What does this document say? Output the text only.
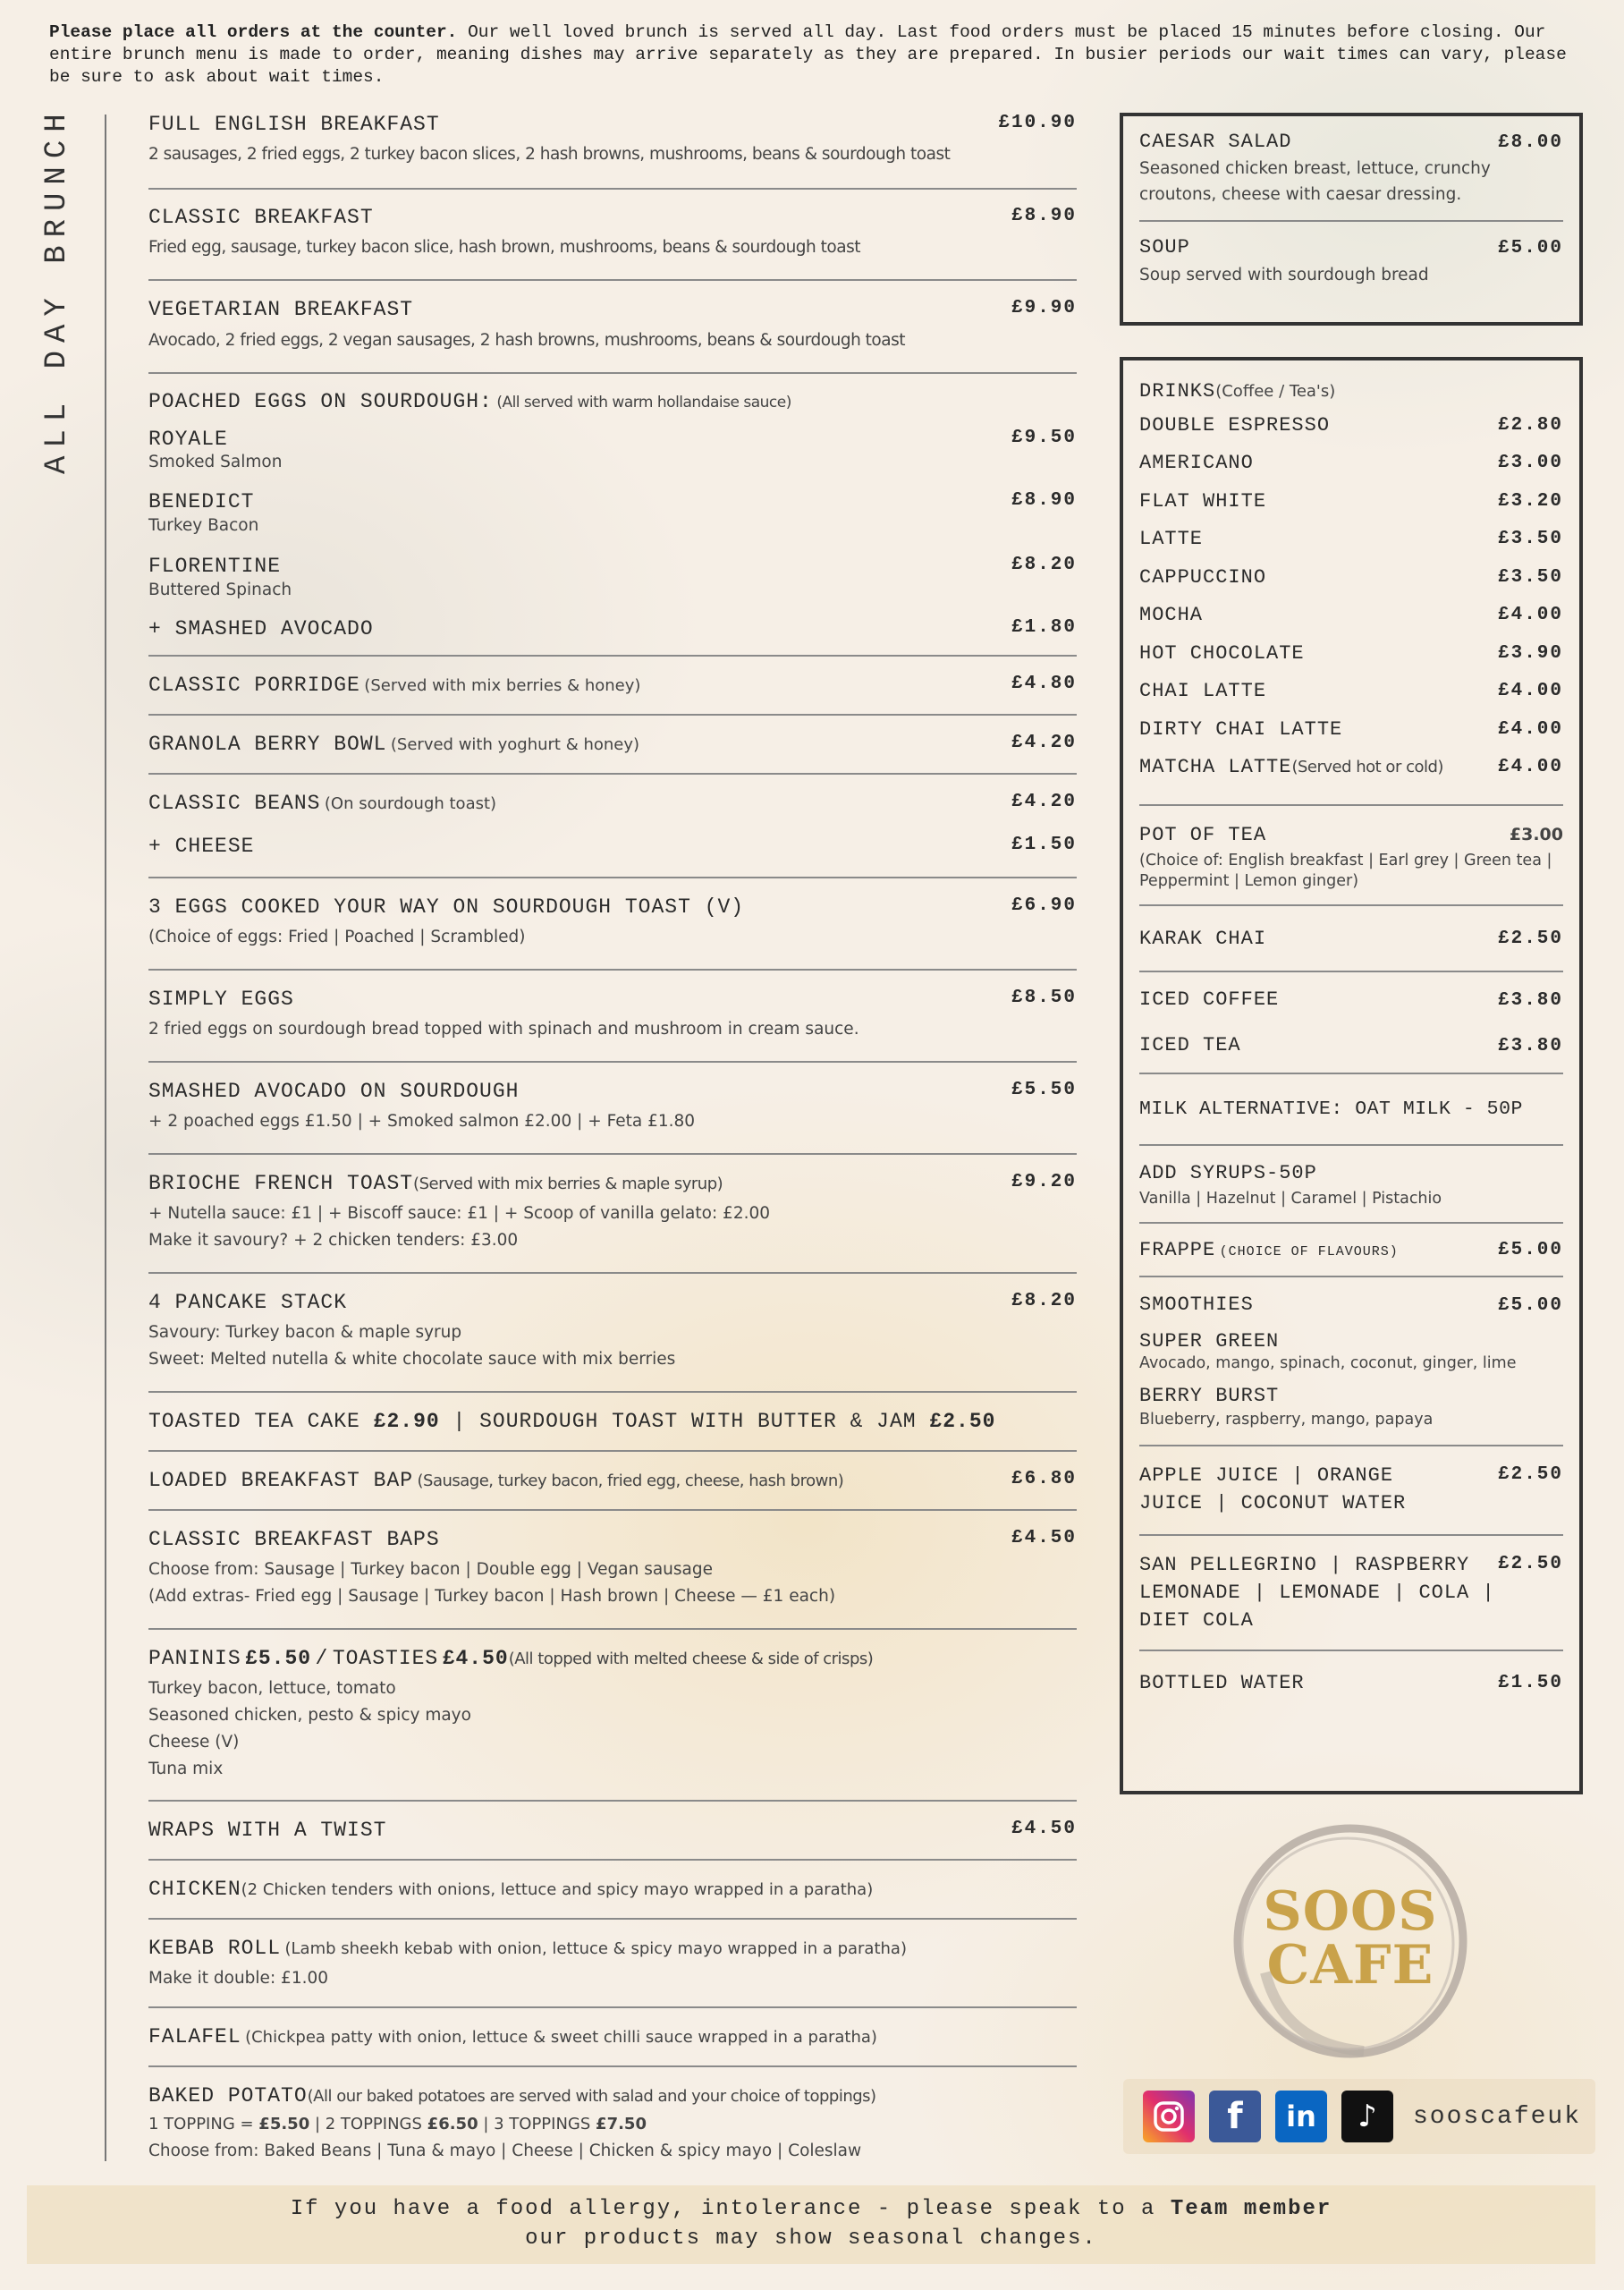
Please place all orders at the counter. Our well loved brunch is served all day. Last food orders must be placed 15 minutes before closing. Our entire brunch menu is made to order, meaning dishes may arrive separately as they are prepared. In busier periods our wait times can vary, please be sure to ask about wait times.
ALL DAY BRUNCH	FULL ENGLISH BREAKFAST	£10.90
2 sausages, 2 fried eggs, 2 turkey bacon slices, 2 hash browns, mushrooms, beans & sourdough toast
CLASSIC BREAKFAST	£8.90
Fried egg, sausage, turkey bacon slice, hash brown, mushrooms, beans & sourdough toast
VEGETARIAN BREAKFAST	£9.90
Avocado, 2 fried eggs, 2 vegan sausages, 2 hash browns, mushrooms, beans & sourdough toast
POACHED EGGS ON SOURDOUGH: (All served with warm hollandaise sauce)
ROYALE	£9.50
Smoked Salmon
BENEDICT	£8.90
Turkey Bacon
FLORENTINE	£8.20
Buttered Spinach
+ SMASHED AVOCADO	£1.80
CLASSIC PORRIDGE (Served with mix berries & honey)	£4.80
GRANOLA BERRY BOWL (Served with yoghurt & honey)	£4.20
CLASSIC BEANS (On sourdough toast)	£4.20
+ CHEESE	£1.50
3 EGGS COOKED YOUR WAY ON SOURDOUGH TOAST (V)	£6.90
(Choice of eggs: Fried | Poached | Scrambled)
SIMPLY EGGS	£8.50
2 fried eggs on sourdough bread topped with spinach and mushroom in cream sauce.
SMASHED AVOCADO ON SOURDOUGH	£5.50
+ 2 poached eggs £1.50 | + Smoked salmon £2.00 | + Feta £1.80
BRIOCHE FRENCH TOAST(Served with mix berries & maple syrup)	£9.20
+ Nutella sauce: £1 | + Biscoff sauce: £1 | + Scoop of vanilla gelato: £2.00
Make it savoury? + 2 chicken tenders: £3.00
4 PANCAKE STACK	£8.20
Savoury: Turkey bacon & maple syrup
Sweet: Melted nutella & white chocolate sauce with mix berries
TOASTED TEA CAKE £2.90 | SOURDOUGH TOAST WITH BUTTER & JAM £2.50
LOADED BREAKFAST BAP (Sausage, turkey bacon, fried egg, cheese, hash brown)	£6.80
CLASSIC BREAKFAST BAPS	£4.50
Choose from: Sausage | Turkey bacon | Double egg | Vegan sausage
(Add extras- Fried egg | Sausage | Turkey bacon | Hash brown | Cheese — £1 each)
PANINIS £5.50 / TOASTIES £4.50(All topped with melted cheese & side of crisps)
Turkey bacon, lettuce, tomato
Seasoned chicken, pesto & spicy mayo
Cheese (V)
Tuna mix
WRAPS WITH A TWIST	£4.50
CHICKEN(2 Chicken tenders with onions, lettuce and spicy mayo wrapped in a paratha)
KEBAB ROLL (Lamb sheekh kebab with onion, lettuce & spicy mayo wrapped in a paratha)
Make it double: £1.00
FALAFEL (Chickpea patty with onion, lettuce & sweet chilli sauce wrapped in a paratha)
BAKED POTATO(All our baked potatoes are served with salad and your choice of toppings)
1 TOPPING = £5.50 | 2 TOPPINGS £6.50 | 3 TOPPINGS £7.50
Choose from: Baked Beans | Tuna & mayo | Cheese | Chicken & spicy mayo | Coleslaw
CAESAR SALAD	£8.00
Seasoned chicken breast, lettuce, crunchy croutons, cheese with caesar dressing.
SOUP	£5.00
Soup served with sourdough bread
DRINKS(Coffee / Tea's)
DOUBLE ESPRESSO	£2.80
AMERICANO	£3.00
FLAT WHITE	£3.20
LATTE	£3.50
CAPPUCCINO	£3.50
MOCHA	£4.00
HOT CHOCOLATE	£3.90
CHAI LATTE	£4.00
DIRTY CHAI LATTE	£4.00
MATCHA LATTE(Served hot or cold)	£4.00
POT OF TEA	£3.00
(Choice of: English breakfast | Earl grey | Green tea | Peppermint | Lemon ginger)
KARAK CHAI	£2.50
ICED COFFEE	£3.80
ICED TEA	£3.80
MILK ALTERNATIVE: OAT MILK - 50P
ADD SYRUPS-50P
Vanilla | Hazelnut | Caramel | Pistachio
FRAPPE (CHOICE OF FLAVOURS)	£5.00
SMOOTHIES	£5.00
SUPER GREEN
Avocado, mango, spinach, coconut, ginger, lime
BERRY BURST
Blueberry, raspberry, mango, papaya
APPLE JUICE | ORANGE
JUICE | COCONUT WATER
£2.50
SAN PELLEGRINO | RASPBERRY
LEMONADE | LEMONADE | COLA |
DIET COLA
£2.50
BOTTLED WATER	£1.50
SOOS
CAFE
f	in	♪	sooscafeuk
If you have a food allergy, intolerance - please speak to a Team member
our products may show seasonal changes.
